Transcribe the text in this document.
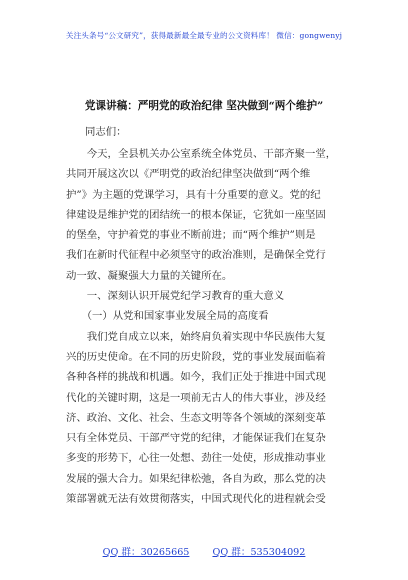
关注头条号“公文研究”，获得最新最全最专业的公文资料库！ 微信：gongwenyj
党课讲稿：严明党的政治纪律 坚决做到“两个维护”
同志们：
　　今天，全县机关办公室系统全体党员、干部齐聚一堂，
共同开展这次以《严明党的政治纪律坚决做到“两个维
护”》为主题的党课学习，具有十分重要的意义。党的纪
律建设是维护党的团结统一的根本保证，它犹如一座坚固
的堡垒，守护着党的事业不断前进；而“两个维护”则是
我们在新时代征程中必须坚守的政治准则，是确保全党行
动一致、凝聚强大力量的关键所在。
　　一、深刻认识开展党纪学习教育的重大意义
　　（一）从党和国家事业发展全局的高度看
　　我们党自成立以来，始终肩负着实现中华民族伟大复
兴的历史使命。在不同的历史阶段，党的事业发展面临着
各种各样的挑战和机遇。如今，我们正处于推进中国式现
代化的关键时期，这是一项前无古人的伟大事业，涉及经
济、政治、文化、社会、生态文明等各个领域的深刻变革
只有全体党员、干部严守党的纪律，才能保证我们在复杂
多变的形势下，心往一处想、劲往一处使，形成推动事业
发展的强大合力。如果纪律松弛，各自为政，那么党的决
策部署就无法有效贯彻落实，中国式现代化的进程就会受
QQ 群：30265665 QQ 群：535304092
